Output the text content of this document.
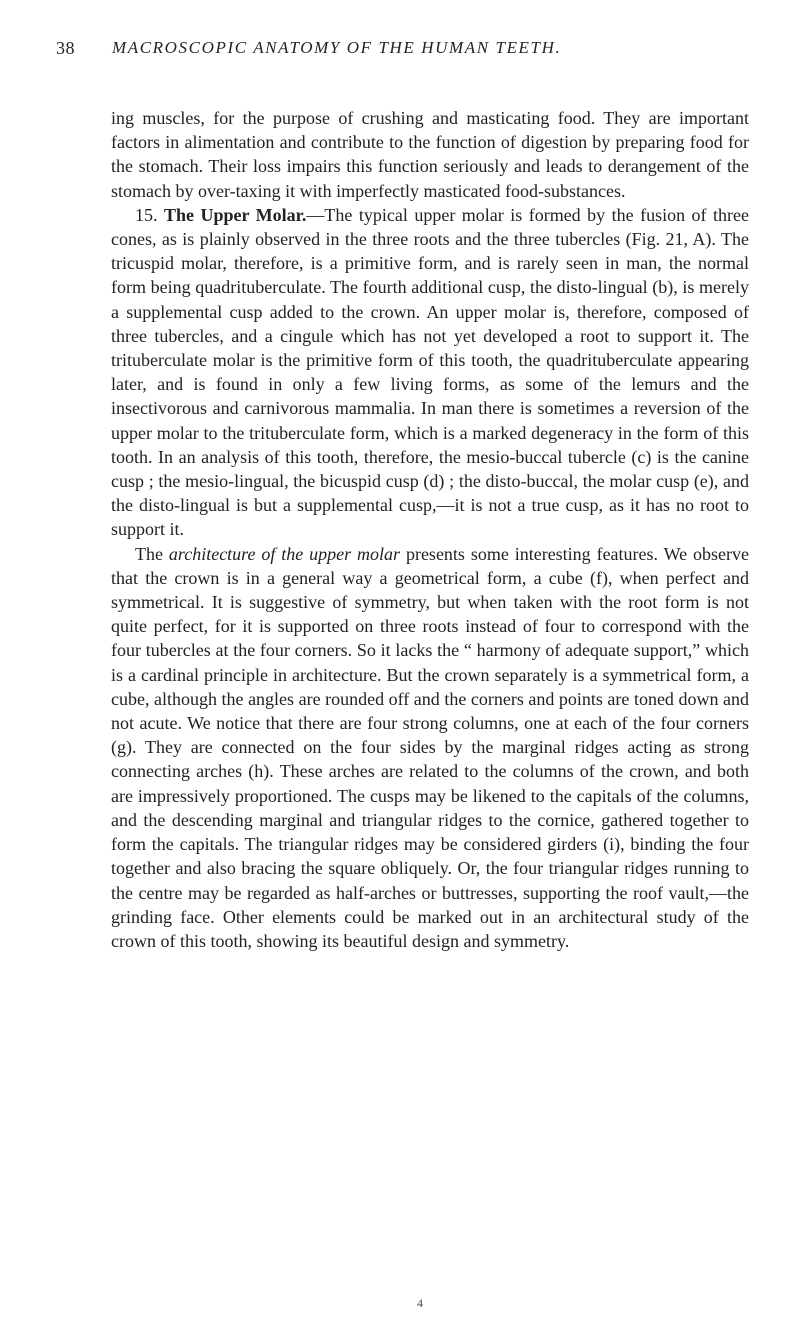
38 MACROSCOPIC ANATOMY OF THE HUMAN TEETH.

ing muscles, for the purpose of crushing and masticating food. They are important factors in alimentation and contribute to the function of digestion by preparing food for the stomach. Their loss impairs this function seriously and leads to derangement of the stomach by over-taxing it with imperfectly masticated food-substances.

15. The Upper Molar.—The typical upper molar is formed by the fusion of three cones, as is plainly observed in the three roots and the three tubercles (Fig. 21, A). The tricuspid molar, therefore, is a primitive form, and is rarely seen in man, the normal form being quadrituberculate. The fourth additional cusp, the disto-lingual (b), is merely a supplemental cusp added to the crown. An upper molar is, therefore, composed of three tubercles, and a cingule which has not yet developed a root to support it. The trituberculate molar is the primitive form of this tooth, the quadrituberculate appearing later, and is found in only a few living forms, as some of the lemurs and the insectivorous and carnivorous mammalia. In man there is sometimes a reversion of the upper molar to the trituberculate form, which is a marked degeneracy in the form of this tooth. In an analysis of this tooth, therefore, the mesio-buccal tubercle (c) is the canine cusp ; the mesio-lingual, the bicuspid cusp (d) ; the disto-buccal, the molar cusp (e), and the disto-lingual is but a supplemental cusp,—it is not a true cusp, as it has no root to support it.

The architecture of the upper molar presents some interesting features. We observe that the crown is in a general way a geometrical form, a cube (f), when perfect and symmetrical. It is suggestive of symmetry, but when taken with the root form is not quite perfect, for it is supported on three roots instead of four to correspond with the four tubercles at the four corners. So it lacks the “ harmony of adequate support,” which is a cardinal principle in architecture. But the crown separately is a symmetrical form, a cube, although the angles are rounded off and the corners and points are toned down and not acute. We notice that there are four strong columns, one at each of the four corners (g). They are connected on the four sides by the marginal ridges acting as strong connecting arches (h). These arches are related to the columns of the crown, and both are impressively proportioned. The cusps may be likened to the capitals of the columns, and the descending marginal and triangular ridges to the cornice, gathered together to form the capitals. The triangular ridges may be considered girders (i), binding the four together and also bracing the square obliquely. Or, the four triangular ridges running to the centre may be regarded as half-arches or buttresses, supporting the roof vault,—the grinding face. Other elements could be marked out in an architectural study of the crown of this tooth, showing its beautiful design and symmetry.

4
